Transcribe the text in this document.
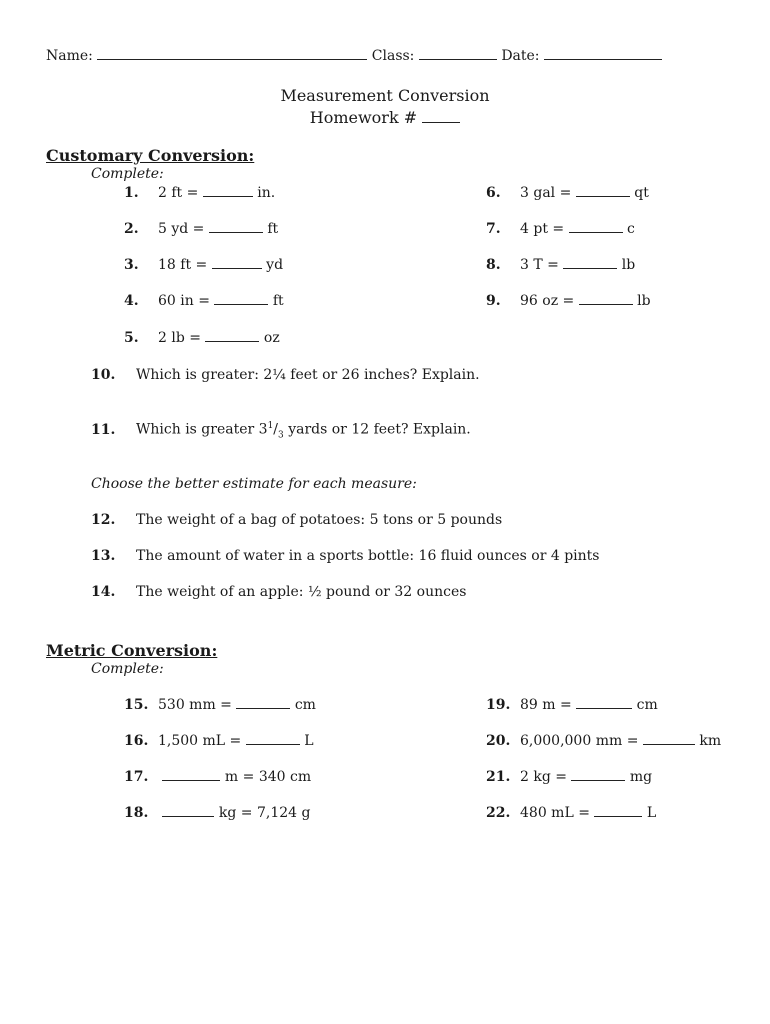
Name:	Class:	Date:
Measurement Conversion
Homework #
Customary Conversion:
Complete:
1. 2 ft =	in.
2. 5 yd =	ft
3. 18 ft =	yd
4. 60 in =	ft
5. 2 lb =	oz
6. 3 gal =	qt
7. 4 pt =	c
8. 3 T =	lb
9. 96 oz =	lb
10. Which is greater: 2¼ feet or 26 inches? Explain.
11. Which is greater $3^1/_3$ yards or 12 feet? Explain.
Choose the better estimate for each measure:
12. The weight of a bag of potatoes: 5 tons or 5 pounds
13. The amount of water in a sports bottle: 16 fluid ounces or 4 pints
14. The weight of an apple: ½ pound or 32 ounces
Metric Conversion:
Complete:
15. 530 mm =	cm
16. 1,500 mL =	L
17.	m = 340 cm
18.	kg = 7,124 g
19. 89 m =	cm
20. 6,000,000 mm =	km
21. 2 kg =	mg
22. 480 mL =	L
